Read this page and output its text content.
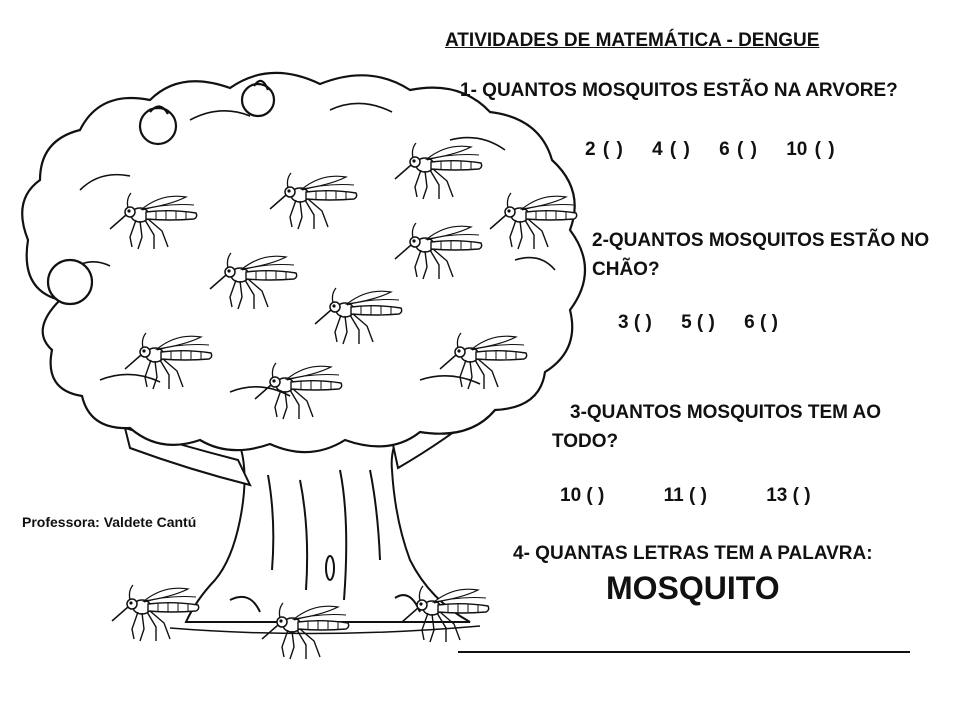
ATIVIDADES DE MATEMÁTICA - DENGUE
1- QUANTOS MOSQUITOS ESTÃO NA ARVORE?
2 ( ) 4 ( ) 6 ( ) 10 ( )
2-QUANTOS MOSQUITOS ESTÃO NO CHÃO?
3 ( ) 5 ( ) 6 ( )
3-QUANTOS MOSQUITOS TEM AO TODO?
10 ( )	11 ( )	13 ( )
Professora: Valdete Cantú
4- QUANTAS LETRAS TEM A PALAVRA:
MOSQUITO
